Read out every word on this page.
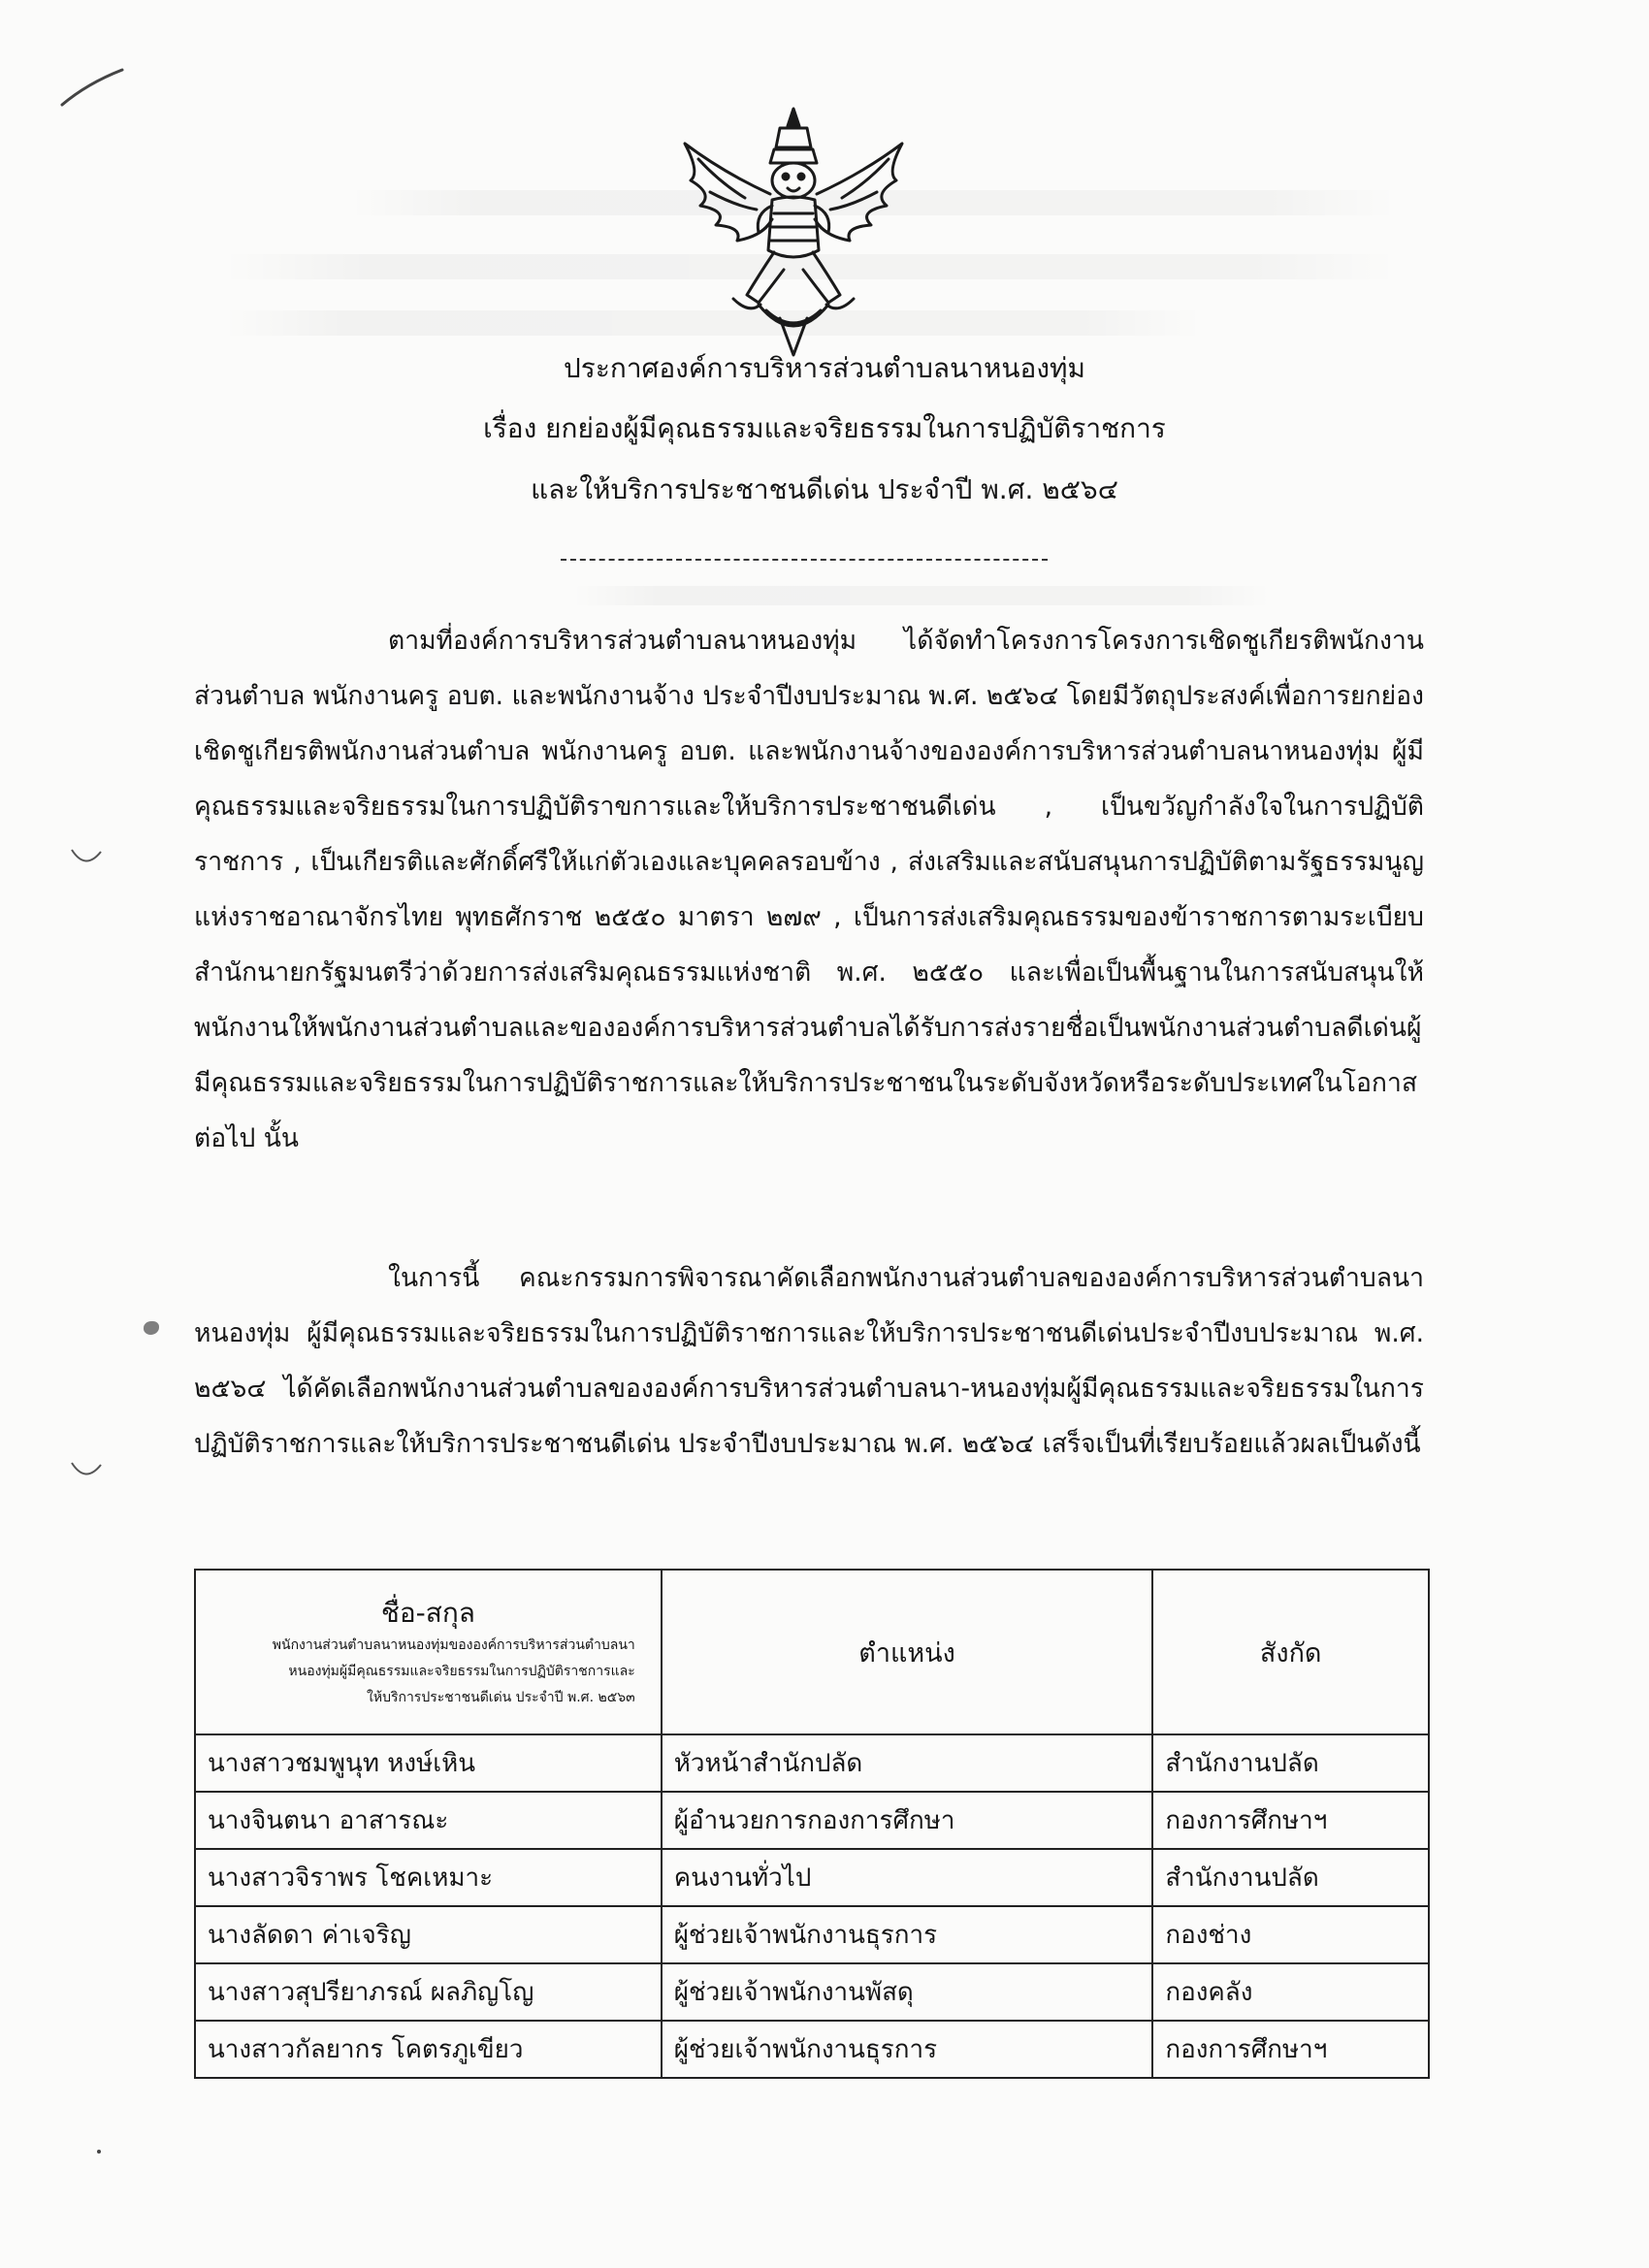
ประกาศองค์การบริหารส่วนตำบลนาหนองทุ่ม
เรื่อง ยกย่องผู้มีคุณธรรมและจริยธรรมในการปฏิบัติราชการ
และให้บริการประชาชนดีเด่น ประจำปี พ.ศ. ๒๕๖๔

ตามที่องค์การบริหารส่วนตำบลนาหนองทุ่ม ได้จัดทำโครงการโครงการเชิดชูเกียรติพนักงานส่วนตำบล พนักงานครู อบต. และพนักงานจ้าง ประจำปีงบประมาณ พ.ศ. ๒๕๖๔ โดยมีวัตถุประสงค์เพื่อการยกย่อง เชิดชูเกียรติพนักงานส่วนตำบล พนักงานครู อบต. และพนักงานจ้างขององค์การบริหารส่วนตำบลนาหนองทุ่ม ผู้มีคุณธรรมและจริยธรรมในการปฏิบัติราขการและให้บริการประชาชนดีเด่น , เป็นขวัญกำลังใจในการปฏิบัติราชการ , เป็นเกียรติและศักดิ์ศรีให้แก่ตัวเองและบุคคลรอบข้าง , ส่งเสริมและสนับสนุนการปฏิบัติตามรัฐธรรมนูญแห่งราชอาณาจักรไทย พุทธศักราช ๒๕๕๐ มาตรา ๒๗๙ , เป็นการส่งเสริมคุณธรรมของข้าราชการตามระเบียบสำนักนายกรัฐมนตรีว่าด้วยการส่งเสริมคุณธรรมแห่งชาติ พ.ศ. ๒๕๕๐ และเพื่อเป็นพื้นฐานในการสนับสนุนให้พนักงานให้พนักงานส่วนตำบลและขององค์การบริหารส่วนตำบลได้รับการส่งรายชื่อเป็นพนักงานส่วนตำบลดีเด่นผู้มีคุณธรรมและจริยธรรมในการปฏิบัติราชการและให้บริการประชาชนในระดับจังหวัดหรือระดับประเทศในโอกาสต่อไป นั้น

ในการนี้ คณะกรรมการพิจารณาคัดเลือกพนักงานส่วนตำบลขององค์การบริหารส่วนตำบลนาหนองทุ่ม ผู้มีคุณธรรมและจริยธรรมในการปฏิบัติราชการและให้บริการประชาชนดีเด่นประจำปีงบประมาณ พ.ศ. ๒๕๖๔ ได้คัดเลือกพนักงานส่วนตำบลขององค์การบริหารส่วนตำบลนา-หนองทุ่มผู้มีคุณธรรมและจริยธรรมในการปฏิบัติราชการและให้บริการประชาชนดีเด่น ประจำปีงบประมาณ พ.ศ. ๒๕๖๔ เสร็จเป็นที่เรียบร้อยแล้วผลเป็นดังนี้

ชื่อ-สกุล
พนักงานส่วนตำบลนาหนองทุ่มขององค์การบริหารส่วนตำบลนา
หนองทุ่มผู้มีคุณธรรมและจริยธรรมในการปฏิบัติราชการและ
ให้บริการประชาชนดีเด่น ประจำปี พ.ศ. ๒๕๖๓	ตำแหน่ง	สังกัด
นางสาวชมพูนุท หงษ์เหิน	หัวหน้าสำนักปลัด	สำนักงานปลัด
นางจินตนา อาสารณะ	ผู้อำนวยการกองการศึกษา	กองการศึกษาฯ
นางสาวจิราพร โชคเหมาะ	คนงานทั่วไป	สำนักงานปลัด
นางลัดดา ค่าเจริญ	ผู้ช่วยเจ้าพนักงานธุรการ	กองช่าง
นางสาวสุปรียาภรณ์ ผลภิญโญ	ผู้ช่วยเจ้าพนักงานพัสดุ	กองคลัง
นางสาวกัลยากร โคตรภูเขียว	ผู้ช่วยเจ้าพนักงานธุรการ	กองการศึกษาฯ
